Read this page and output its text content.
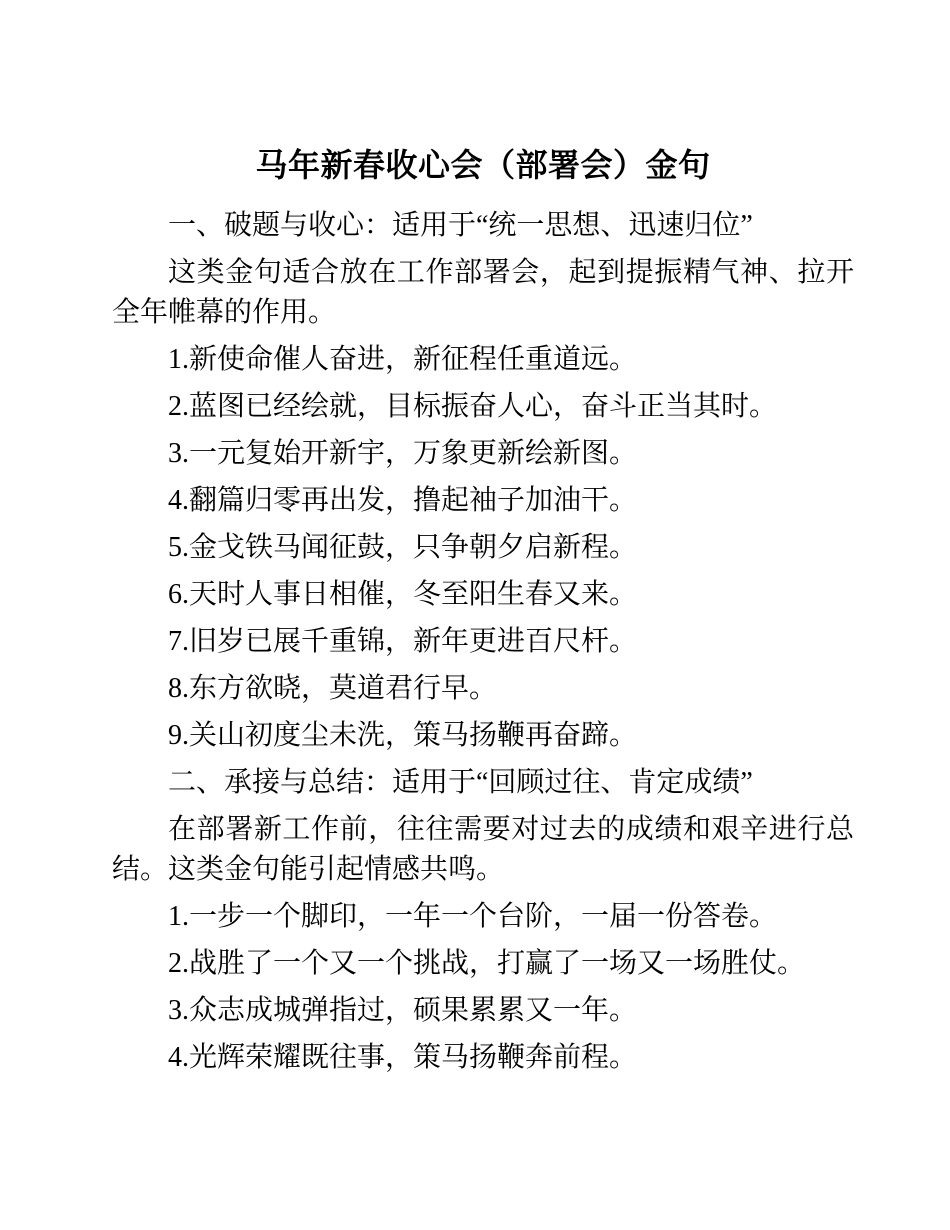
马年新春收心会（部署会）金句

一、破题与收心：适用于“统一思想、迅速归位”

这类金句适合放在工作部署会，起到提振精气神、拉开全年帷幕的作用。

1.新使命催人奋进，新征程任重道远。

2.蓝图已经绘就，目标振奋人心，奋斗正当其时。

3.一元复始开新宇，万象更新绘新图。

4.翻篇归零再出发，撸起袖子加油干。

5.金戈铁马闻征鼓，只争朝夕启新程。

6.天时人事日相催，冬至阳生春又来。

7.旧岁已展千重锦，新年更进百尺杆。

8.东方欲晓，莫道君行早。

9.关山初度尘未洗，策马扬鞭再奋蹄。

二、承接与总结：适用于“回顾过往、肯定成绩”

在部署新工作前，往往需要对过去的成绩和艰辛进行总结。这类金句能引起情感共鸣。

1.一步一个脚印，一年一个台阶，一届一份答卷。

2.战胜了一个又一个挑战，打赢了一场又一场胜仗。

3.众志成城弹指过，硕果累累又一年。

4.光辉荣耀既往事，策马扬鞭奔前程。
